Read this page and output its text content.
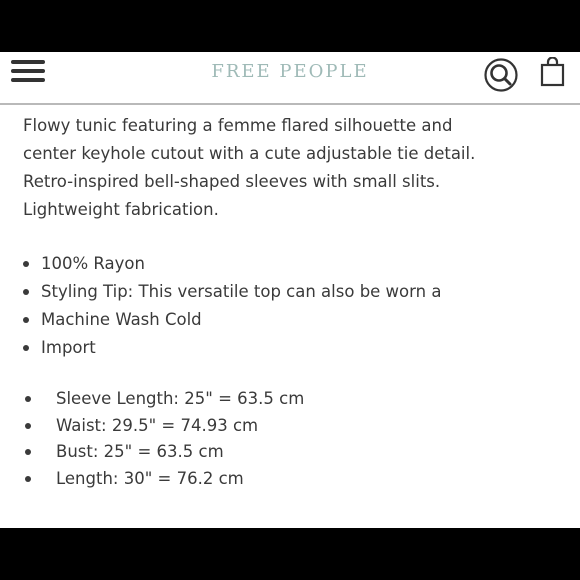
FREE PEOPLE
Flowy tunic featuring a femme flared silhouette and
center keyhole cutout with a cute adjustable tie detail.
Retro-inspired bell-shaped sleeves with small slits.
Lightweight fabrication.
100% Rayon
Styling Tip: This versatile top can also be worn a
Machine Wash Cold
Import
Sleeve Length: 25" = 63.5 cm
Waist: 29.5" = 74.93 cm
Bust: 25" = 63.5 cm
Length: 30" = 76.2 cm
